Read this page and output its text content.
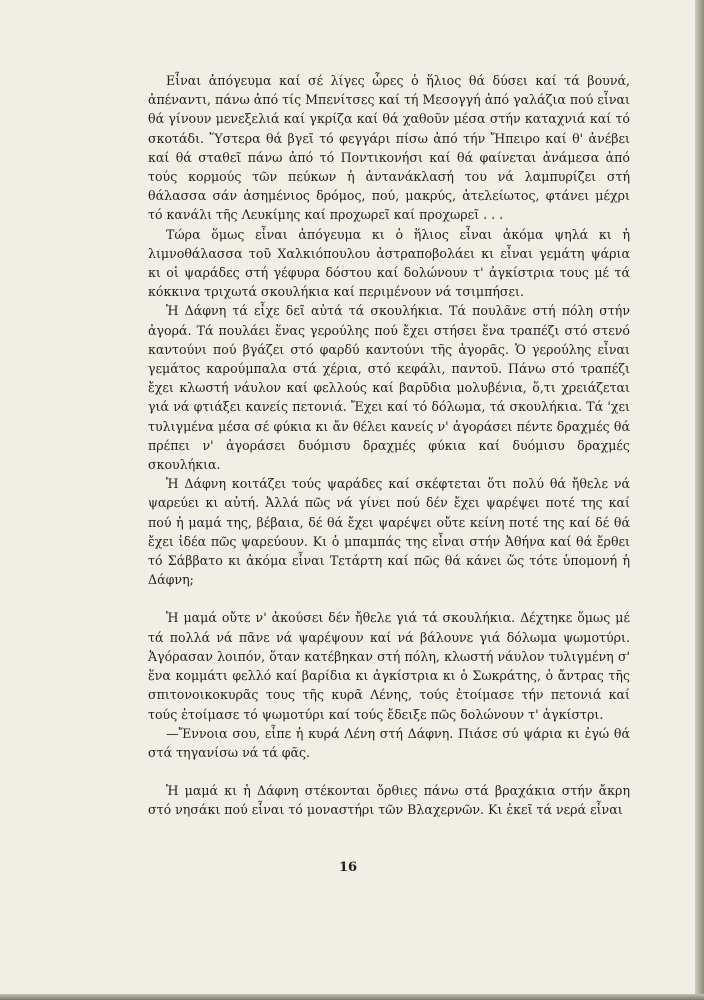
Εἶναι ἀπόγευμα καί σέ λίγες ὧρες ὁ ἥλιος θά δύσει καί τά βουνά, ἀπέναντι, πάνω ἀπό τίς Μπενίτσες καί τή Μεσογγή ἀπό γαλάζια πού εἶναι θά γίνουν μενεξελιά καί γκρίζα καί θά χαθοῦν μέσα στήν καταχνιά καί τό σκοτάδι. Ὕστερα θά βγεῖ τό φεγγάρι πίσω ἀπό τήν Ἤπειρο καί θ' ἀνέβει καί θά σταθεῖ πάνω ἀπό τό Ποντικονήσι καί θά φαίνεται ἀνάμεσα ἀπό τούς κορμούς τῶν πεύκων ἡ ἀντανάκλασή του νά λαμπυρίζει στή θάλασσα σάν ἀσημένιος δρόμος, πού, μακρύς, ἀτελείωτος, φτάνει μέχρι τό κανάλι τῆς Λευκίμης καί προχωρεῖ καί προχωρεῖ . . .

Τώρα ὅμως εἶναι ἀπόγευμα κι ὁ ἥλιος εἶναι ἀκόμα ψηλά κι ἡ λιμνοθάλασσα τοῦ Χαλκιόπουλου ἀστραποβολάει κι εἶναι γεμάτη ψάρια κι οἱ ψαράδες στή γέφυρα δόστου καί δολώνουν τ' ἀγκίστρια τους μέ τά κόκκινα τριχωτά σκουλήκια καί περιμένουν νά τσιμπήσει.

Ἡ Δάφνη τά εἶχε δεῖ αὐτά τά σκουλήκια. Τά πουλᾶνε στή πόλη στήν ἀγορά. Τά πουλάει ἕνας γερούλης πού ἔχει στήσει ἕνα τραπέζι στό στενό καντούνι πού βγάζει στό φαρδύ καντούνι τῆς ἀγορᾶς. Ὁ γερούλης εἶναι γεμάτος καρούμπαλα στά χέρια, στό κεφάλι, παντοῦ. Πάνω στό τραπέζι ἔχει κλωστή νάυλον καί φελλούς καί βαρῦδια μολυβένια, ὅ,τι χρειάζεται γιά νά φτιάξει κανείς πετονιά. Ἔχει καί τό δόλωμα, τά σκουλήκια. Τά 'χει τυλιγμένα μέσα σέ φύκια κι ἄν θέλει κανείς ν' ἀγοράσει πέντε δραχμές θά πρέπει ν' ἀγοράσει δυόμισυ δραχμές φύκια καί δυόμισυ δραχμές σκουλήκια.

Ἡ Δάφνη κοιτάζει τούς ψαράδες καί σκέφτεται ὅτι πολύ θά ἤθελε νά ψαρεύει κι αὐτή. Ἀλλά πῶς νά γίνει πού δέν ἔχει ψαρέψει ποτέ της καί πού ἡ μαμά της, βέβαια, δέ θά ἔχει ψαρέψει οὔτε κείνη ποτέ της καί δέ θά ἔχει ἰδέα πῶς ψαρεύουν. Κι ὁ μπαμπάς της εἶναι στήν Ἀθήνα καί θά ἔρθει τό Σάββατο κι ἀκόμα εἶναι Τετάρτη καί πῶς θά κάνει ὥς τότε ὑπομονή ἡ Δάφνη;

Ἡ μαμά οὔτε ν' ἀκούσει δέν ἤθελε γιά τά σκουλήκια. Δέχτηκε ὅμως μέ τά πολλά νά πᾶνε νά ψαρέψουν καί νά βάλουνε γιά δόλωμα ψωμοτύρι. Ἀγόρασαν λοιπόν, ὅταν κατέβηκαν στή πόλη, κλωστή νάυλον τυλιγμένη σ' ἕνα κομμάτι φελλό καί βαρίδια κι ἀγκίστρια κι ὁ Σωκράτης, ὁ ἄντρας τῆς σπιτονοικοκυρᾶς τους τῆς κυρᾶ Λένης, τούς ἑτοίμασε τήν πετονιά καί τούς ἑτοίμασε τό ψωμοτύρι καί τούς ἔδειξε πῶς δολώνουν τ' ἀγκίστρι.

—Ἔννοια σου, εἶπε ἡ κυρά Λένη στή Δάφνη. Πιάσε σύ ψάρια κι ἐγώ θά στά τηγανίσω νά τά φᾶς.

Ἡ μαμά κι ἡ Δάφνη στέκονται ὄρθιες πάνω στά βραχάκια στήν ἄκρη στό νησάκι πού εἶναι τό μοναστήρι τῶν Βλαχερνῶν. Κι ἐκεῖ τά νερά εἶναι

16
